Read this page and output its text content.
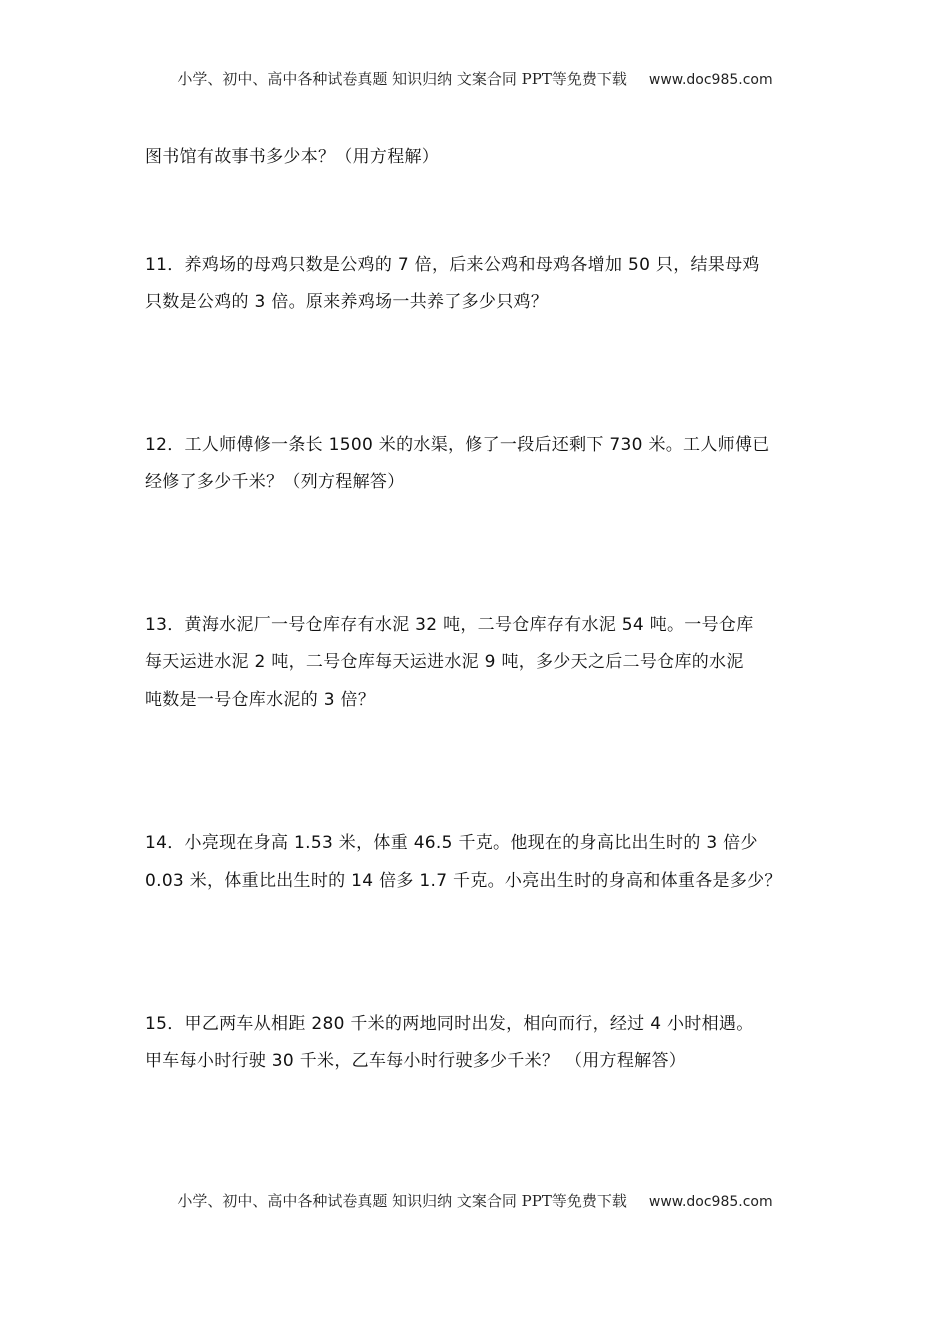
小学、初中、高中各种试卷真题 知识归纳 文案合同 PPT等免费下载 www.doc985.com
图书馆有故事书多少本？（用方程解）
11．养鸡场的母鸡只数是公鸡的 7 倍，后来公鸡和母鸡各增加 50 只，结果母鸡
只数是公鸡的 3 倍。原来养鸡场一共养了多少只鸡？
12．工人师傅修一条长 1500 米的水渠，修了一段后还剩下 730 米。工人师傅已
经修了多少千米？（列方程解答）
13．黄海水泥厂一号仓库存有水泥 32 吨，二号仓库存有水泥 54 吨。一号仓库
每天运进水泥 2 吨，二号仓库每天运进水泥 9 吨，多少天之后二号仓库的水泥
吨数是一号仓库水泥的 3 倍？
14．小亮现在身高 1.53 米，体重 46.5 千克。他现在的身高比出生时的 3 倍少
0.03 米，体重比出生时的 14 倍多 1.7 千克。小亮出生时的身高和体重各是多少？
15．甲乙两车从相距 280 千米的两地同时出发，相向而行，经过 4 小时相遇。
甲车每小时行驶 30 千米，乙车每小时行驶多少千米？ （用方程解答）
小学、初中、高中各种试卷真题 知识归纳 文案合同 PPT等免费下载 www.doc985.com
